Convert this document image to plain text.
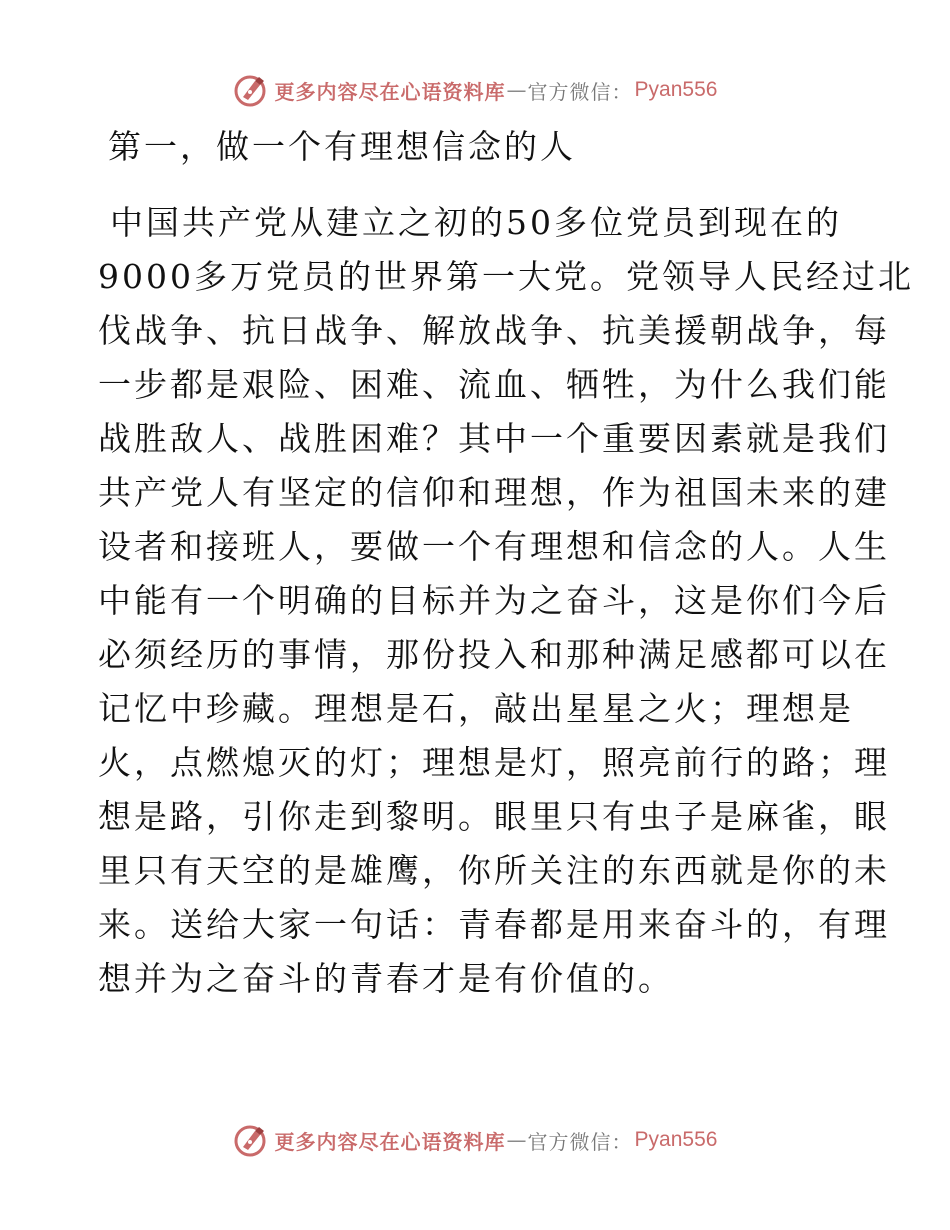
更多内容尽在心语资料库 — 官方微信： Pyan556
第一，做一个有理想信念的人
中国共产党从建立之初的50多位党员到现在的
9000多万党员的世界第一大党。党领导人民经过北
伐战争、抗日战争、解放战争、抗美援朝战争，每
一步都是艰险、困难、流血、牺牲，为什么我们能
战胜敌人、战胜困难？其中一个重要因素就是我们
共产党人有坚定的信仰和理想，作为祖国未来的建
设者和接班人，要做一个有理想和信念的人。人生
中能有一个明确的目标并为之奋斗，这是你们今后
必须经历的事情，那份投入和那种满足感都可以在
记忆中珍藏。理想是石，敲出星星之火；理想是
火，点燃熄灭的灯；理想是灯，照亮前行的路；理
想是路，引你走到黎明。眼里只有虫子是麻雀，眼
里只有天空的是雄鹰，你所关注的东西就是你的未
来。送给大家一句话：青春都是用来奋斗的，有理
想并为之奋斗的青春才是有价值的。
更多内容尽在心语资料库 — 官方微信： Pyan556
